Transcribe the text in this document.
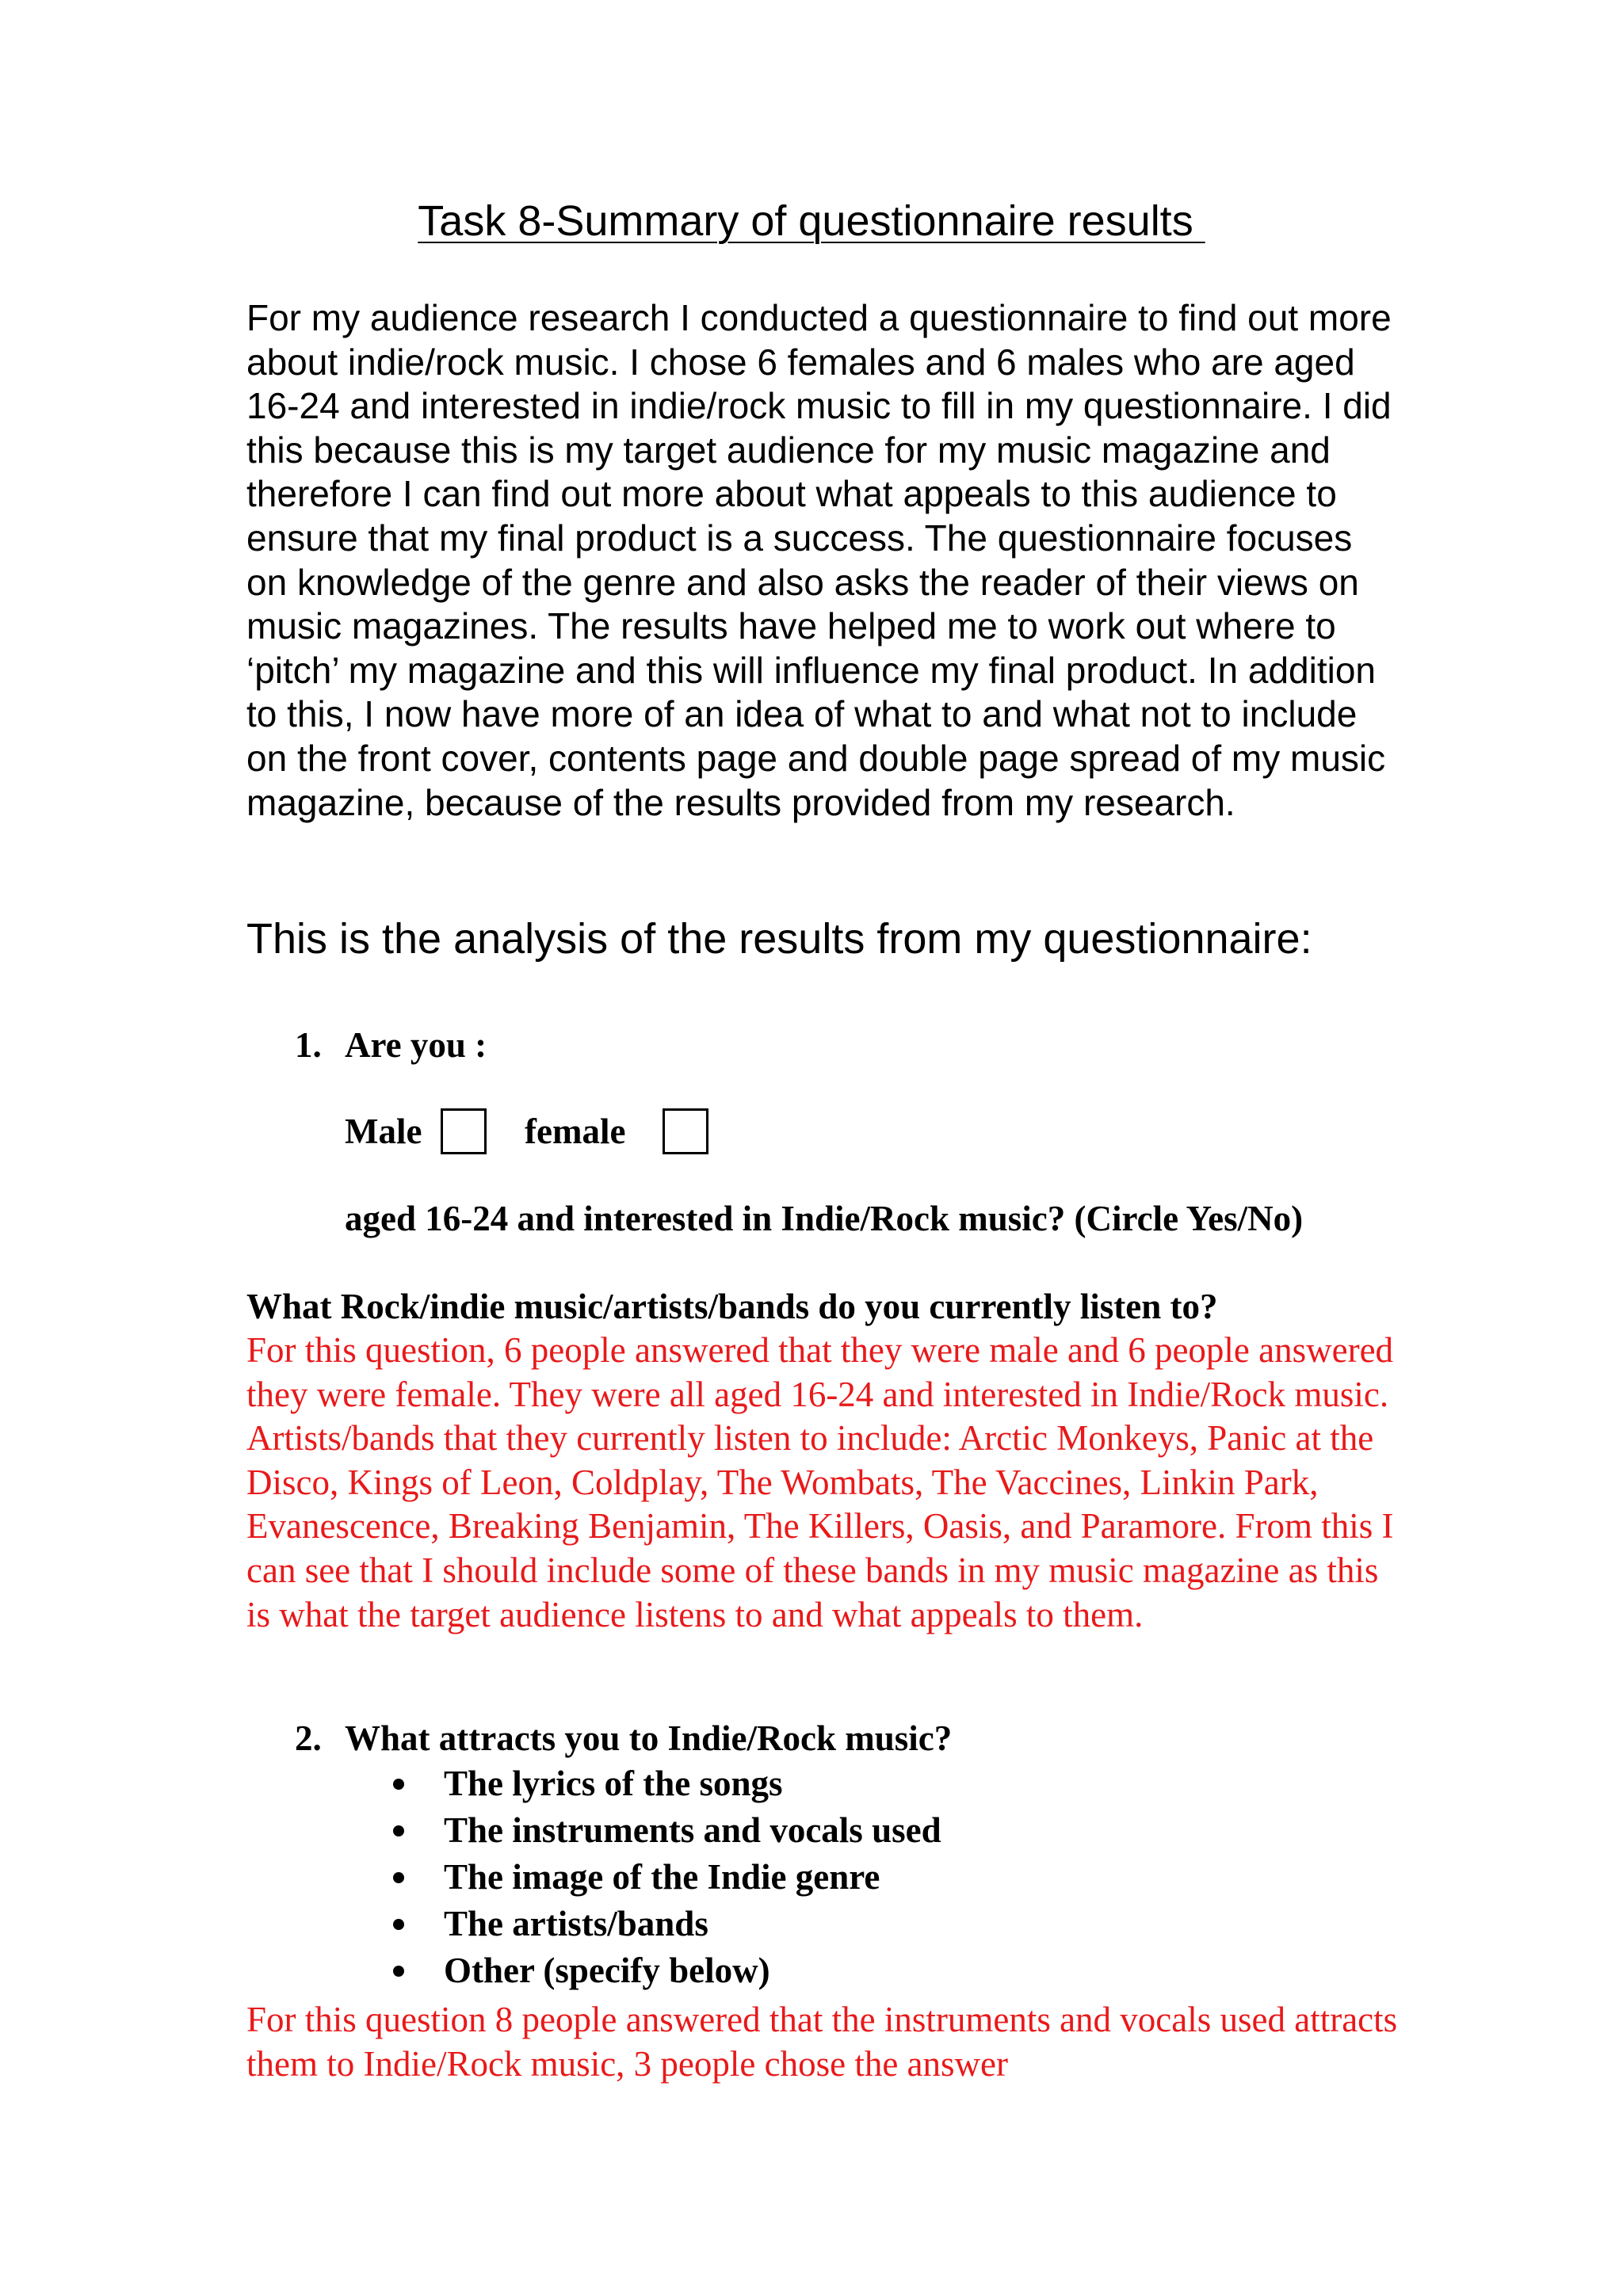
Task 8-Summary of questionnaire results

For my audience research I conducted a questionnaire to find out more about indie/rock music. I chose 6 females and 6 males who are aged 16-24 and interested in indie/rock music to fill in my questionnaire. I did this because this is my target audience for my music magazine and therefore I can find out more about what appeals to this audience to ensure that my final product is a success. The questionnaire focuses on knowledge of the genre and also asks the reader of their views on music magazines. The results have helped me to work out where to ‘pitch’ my magazine and this will influence my final product. In addition to this, I now have more of an idea of what to and what not to include on the front cover, contents page and double page spread of my music magazine, because of the results provided from my research.

This is the analysis of the results from my questionnaire:
1. Are you :
Male	female
aged 16-24 and interested in Indie/Rock music? (Circle Yes/No)
What Rock/indie music/artists/bands do you currently listen to?

For this question, 6 people answered that they were male and 6 people answered they were female. They were all aged 16-24 and interested in Indie/Rock music. Artists/bands that they currently listen to include: Arctic Monkeys, Panic at the Disco, Kings of Leon, Coldplay, The Wombats, The Vaccines, Linkin Park, Evanescence, Breaking Benjamin, The Killers, Oasis, and Paramore. From this I can see that I should include some of these bands in my music magazine as this is what the target audience listens to and what appeals to them.

2. What attracts you to Indie/Rock music?
The lyrics of the songs
The instruments and vocals used
The image of the Indie genre
The artists/bands
Other (specify below)

For this question 8 people answered that the instruments and vocals used attracts them to Indie/Rock music, 3 people chose the answer
